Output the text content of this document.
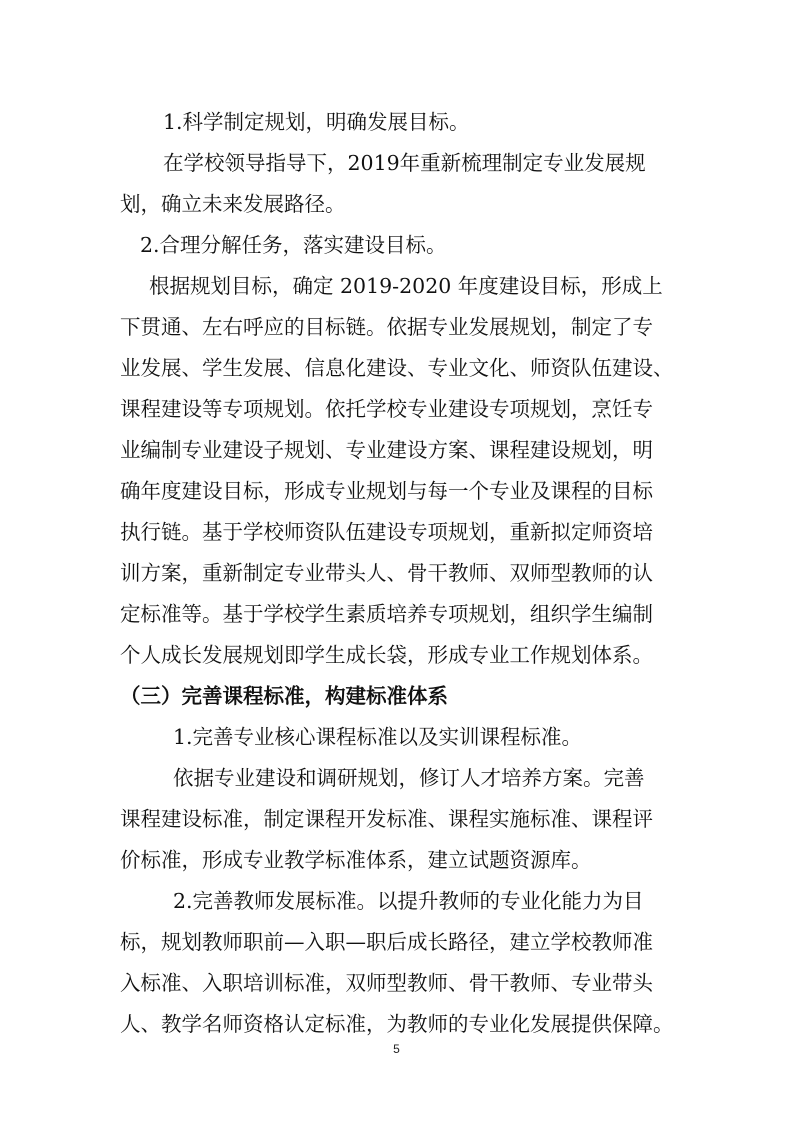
1.科学制定规划，明确发展目标。
在学校领导指导下，2019年重新梳理制定专业发展规
划，确立未来发展路径。
2.合理分解任务，落实建设目标。
根据规划目标，确定 2019-2020 年度建设目标，形成上
下贯通、左右呼应的目标链。依据专业发展规划，制定了专
业发展、学生发展、信息化建设、专业文化、师资队伍建设、
课程建设等专项规划。依托学校专业建设专项规划，烹饪专
业编制专业建设子规划、专业建设方案、课程建设规划，明
确年度建设目标，形成专业规划与每一个专业及课程的目标
执行链。基于学校师资队伍建设专项规划，重新拟定师资培
训方案，重新制定专业带头人、骨干教师、双师型教师的认
定标准等。基于学校学生素质培养专项规划，组织学生编制
个人成长发展规划即学生成长袋，形成专业工作规划体系。
（三）完善课程标准，构建标准体系
1.完善专业核心课程标准以及实训课程标准。
依据专业建设和调研规划，修订人才培养方案。完善
课程建设标准，制定课程开发标准、课程实施标准、课程评
价标准，形成专业教学标准体系，建立试题资源库。
2.完善教师发展标准。以提升教师的专业化能力为目
标，规划教师职前—入职—职后成长路径，建立学校教师准
入标准、入职培训标准，双师型教师、骨干教师、专业带头
人、教学名师资格认定标准，为教师的专业化发展提供保障。
5
